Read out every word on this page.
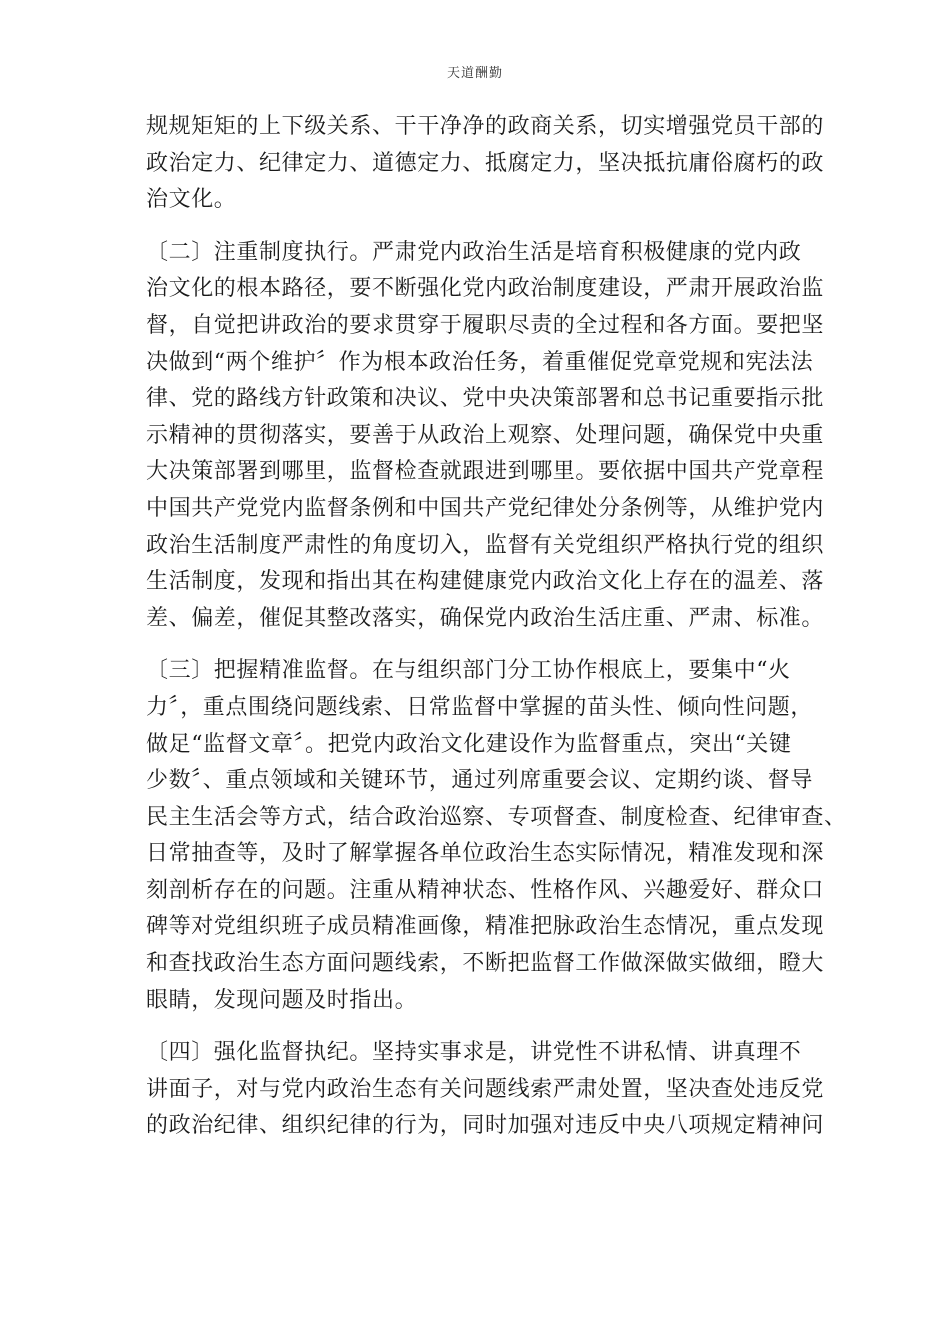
天道酬勤
规规矩矩的上下级关系、干干净净的政商关系，切实增强党员干部的
政治定力、纪律定力、道德定力、抵腐定力，坚决抵抗庸俗腐朽的政
治文化。
〔二〕注重制度执行。严肃党内政治生活是培育积极健康的党内政
治文化的根本路径，要不断强化党内政治制度建设，严肃开展政治监
督，自觉把讲政治的要求贯穿于履职尽责的全过程和各方面。要把坚
决做到“两个维护〞作为根本政治任务，着重催促党章党规和宪法法
律、党的路线方针政策和决议、党中央决策部署和总书记重要指示批
示精神的贯彻落实，要善于从政治上观察、处理问题，确保党中央重
大决策部署到哪里，监督检查就跟进到哪里。要依据中国共产党章程
中国共产党党内监督条例和中国共产党纪律处分条例等，从维护党内
政治生活制度严肃性的角度切入，监督有关党组织严格执行党的组织
生活制度，发现和指出其在构建健康党内政治文化上存在的温差、落
差、偏差，催促其整改落实，确保党内政治生活庄重、严肃、标准。
〔三〕把握精准监督。在与组织部门分工协作根底上，要集中“火
力〞，重点围绕问题线索、日常监督中掌握的苗头性、倾向性问题，
做足“监督文章〞。把党内政治文化建设作为监督重点，突出“关键
少数〞、重点领域和关键环节，通过列席重要会议、定期约谈、督导
民主生活会等方式，结合政治巡察、专项督查、制度检查、纪律审查、
日常抽查等，及时了解掌握各单位政治生态实际情况，精准发现和深
刻剖析存在的问题。注重从精神状态、性格作风、兴趣爱好、群众口
碑等对党组织班子成员精准画像，精准把脉政治生态情况，重点发现
和查找政治生态方面问题线索，不断把监督工作做深做实做细，瞪大
眼睛，发现问题及时指出。
〔四〕强化监督执纪。坚持实事求是，讲党性不讲私情、讲真理不
讲面子，对与党内政治生态有关问题线索严肃处置，坚决查处违反党
的政治纪律、组织纪律的行为，同时加强对违反中央八项规定精神问
